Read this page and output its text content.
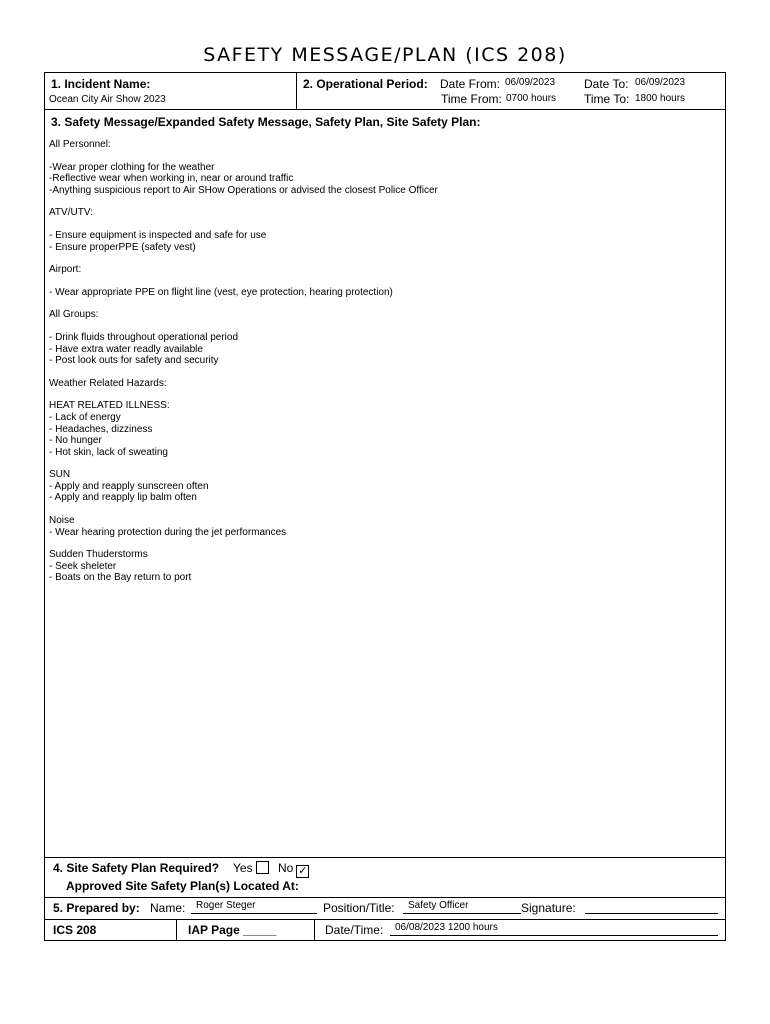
SAFETY MESSAGE/PLAN (ICS 208)
1. Incident Name:
Ocean City Air Show 2023
2. Operational Period: Date From: 06/09/2023 Date To: 06/09/2023
Time From: 0700 hours Time To: 1800 hours
3. Safety Message/Expanded Safety Message, Safety Plan, Site Safety Plan:
All Personnel:
-Wear proper clothing for the weather
-Reflective wear when working in, near or around traffic
-Anything suspicious report to Air SHow Operations or advised the closest Police Officer
ATV/UTV:
- Ensure equipment is inspected and safe for use
- Ensure properPPE (safety vest)
Airport:
- Wear appropriate PPE on flight line (vest, eye protection, hearing protection)
All Groups:
- Drink fluids throughout operational period
- Have extra water readly available
- Post look outs for safety and security
Weather Related Hazards:
HEAT RELATED ILLNESS:
- Lack of energy
- Headaches, dizziness
- No hunger
- Hot skin, lack of sweating
SUN
- Apply and reapply sunscreen often
- Apply and reapply lip balm often
Noise
- Wear hearing protection during the jet performances
Sudden Thuderstorms
- Seek sheleter
- Boats on the Bay return to port
4. Site Safety Plan Required? Yes	No ✓
Approved Site Safety Plan(s) Located At:
5. Prepared by: Name: Roger Steger	Position/Title: Safety Officer	Signature:
ICS 208	IAP Page _____	Date/Time: 06/08/2023 1200 hours
